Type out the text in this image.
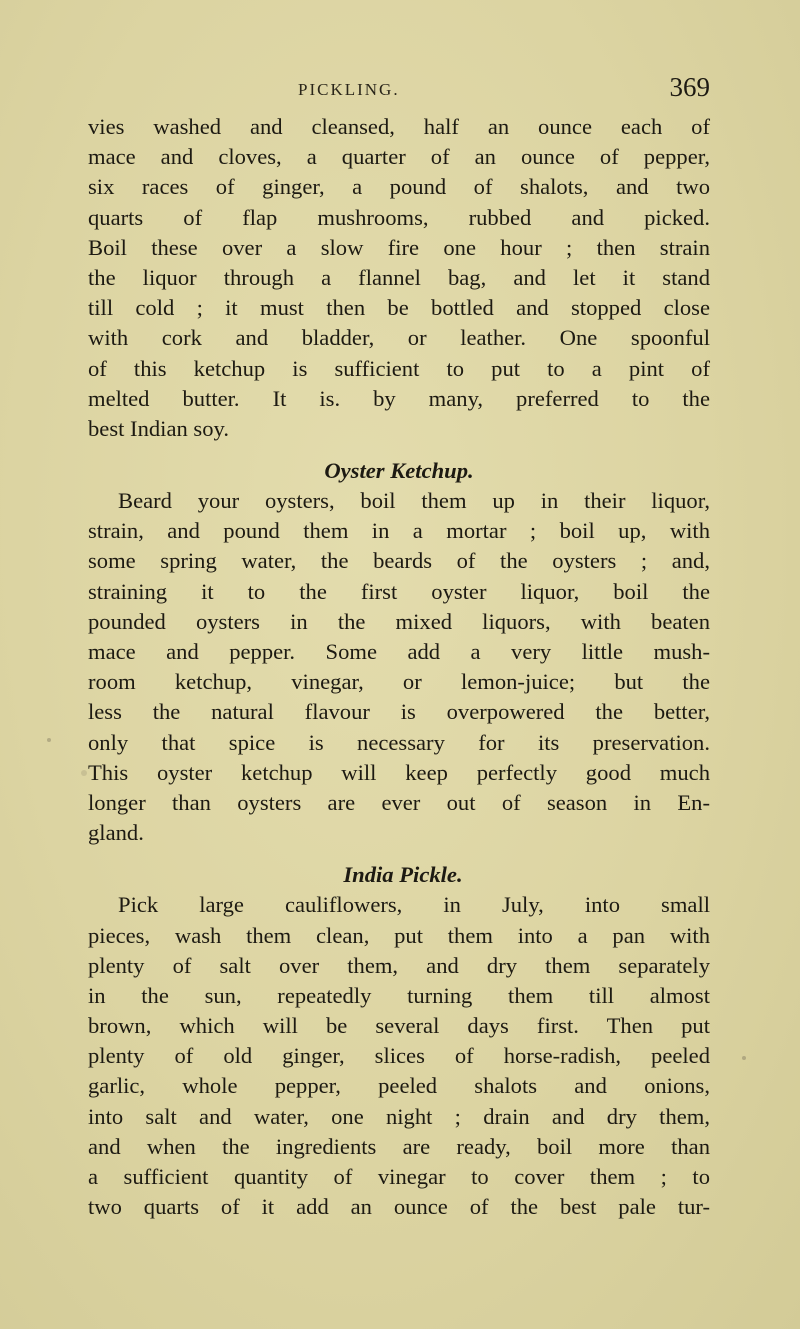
PICKLING.	369
vies washed and cleansed, half an ounce each of
mace and cloves, a quarter of an ounce of pepper,
six races of ginger, a pound of shalots, and two
quarts of flap mushrooms, rubbed and picked.
Boil these over a slow fire one hour ; then strain
the liquor through a flannel bag, and let it stand
till cold ; it must then be bottled and stopped close
with cork and bladder, or leather. One spoonful
of this ketchup is sufficient to put to a pint of
melted butter. It is. by many, preferred to the
best Indian soy.
Oyster Ketchup.
Beard your oysters, boil them up in their liquor,
strain, and pound them in a mortar ; boil up, with
some spring water, the beards of the oysters ; and,
straining it to the first oyster liquor, boil the
pounded oysters in the mixed liquors, with beaten
mace and pepper. Some add a very little mush-
room ketchup, vinegar, or lemon-juice; but the
less the natural flavour is overpowered the better,
only that spice is necessary for its preservation.
This oyster ketchup will keep perfectly good much
longer than oysters are ever out of season in En-
gland.
India Pickle.
Pick large cauliflowers, in July, into small
pieces, wash them clean, put them into a pan with
plenty of salt over them, and dry them separately
in the sun, repeatedly turning them till almost
brown, which will be several days first. Then put
plenty of old ginger, slices of horse-radish, peeled
garlic, whole pepper, peeled shalots and onions,
into salt and water, one night ; drain and dry them,
and when the ingredients are ready, boil more than
a sufficient quantity of vinegar to cover them ; to
two quarts of it add an ounce of the best pale tur-
